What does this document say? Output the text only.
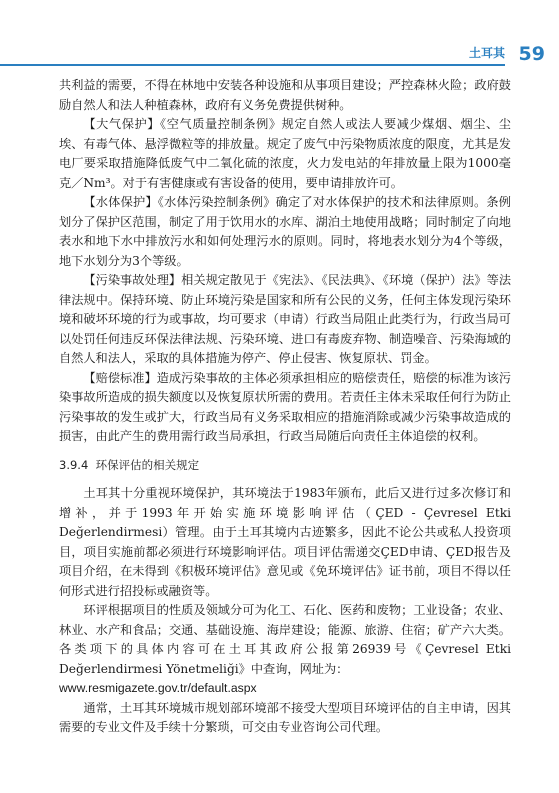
土耳其 59

共利益的需要，不得在林地中安装各种设施和从事项目建设；严控森林火险；政府鼓励自然人和法人种植森林，政府有义务免费提供树种。

【大气保护】《空气质量控制条例》规定自然人或法人要减少煤烟、烟尘、尘埃、有毒气体、悬浮微粒等的排放量。规定了废气中污染物质浓度的限度，尤其是发电厂要采取措施降低废气中二氧化硫的浓度，火力发电站的年排放量上限为1000毫克／Nm³。对于有害健康或有害设备的使用，要申请排放许可。

【水体保护】《水体污染控制条例》确定了对水体保护的技术和法律原则。条例划分了保护区范围，制定了用于饮用水的水库、湖泊土地使用战略；同时制定了向地表水和地下水中排放污水和如何处理污水的原则。同时，将地表水划分为4个等级，地下水划分为3个等级。

【污染事故处理】相关规定散见于《宪法》、《民法典》、《环境（保护）法》等法律法规中。保持环境、防止环境污染是国家和所有公民的义务，任何主体发现污染环境和破坏环境的行为或事故，均可要求（申请）行政当局阻止此类行为，行政当局可以处罚任何违反环保法律法规、污染环境、进口有毒废弃物、制造噪音、污染海域的自然人和法人，采取的具体措施为停产、停止侵害、恢复原状、罚金。

【赔偿标准】造成污染事故的主体必须承担相应的赔偿责任，赔偿的标准为该污染事故所造成的损失额度以及恢复原状所需的费用。若责任主体未采取任何行为防止污染事故的发生或扩大，行政当局有义务采取相应的措施消除或减少污染事故造成的损害，由此产生的费用需行政当局承担，行政当局随后向责任主体追偿的权利。

3.9.4 环保评估的相关规定

土耳其十分重视环境保护，其环境法于1983年颁布，此后又进行过多次修订和增补，并于1993年开始实施环境影响评估（ÇED - Çevresel Etki Değerlendirmesi）管理。由于土耳其境内古迹繁多，因此不论公共或私人投资项目，项目实施前都必须进行环境影响评估。项目评估需递交ÇED申请、ÇED报告及项目介绍，在未得到《积极环境评估》意见或《免环境评估》证书前，项目不得以任何形式进行招投标或融资等。

环评根据项目的性质及领域分可为化工、石化、医药和废物；工业设备；农业、林业、水产和食品；交通、基础设施、海岸建设；能源、旅游、住宿；矿产六大类。各类项下的具体内容可在土耳其政府公报第26939号《Çevresel Etki Değerlendirmesi Yönetmeliği》中查询，网址为：
www.resmigazete.gov.tr/default.aspx

通常，土耳其环境城市规划部环境部不接受大型项目环境评估的自主申请，因其需要的专业文件及手续十分繁琐，可交由专业咨询公司代理。
